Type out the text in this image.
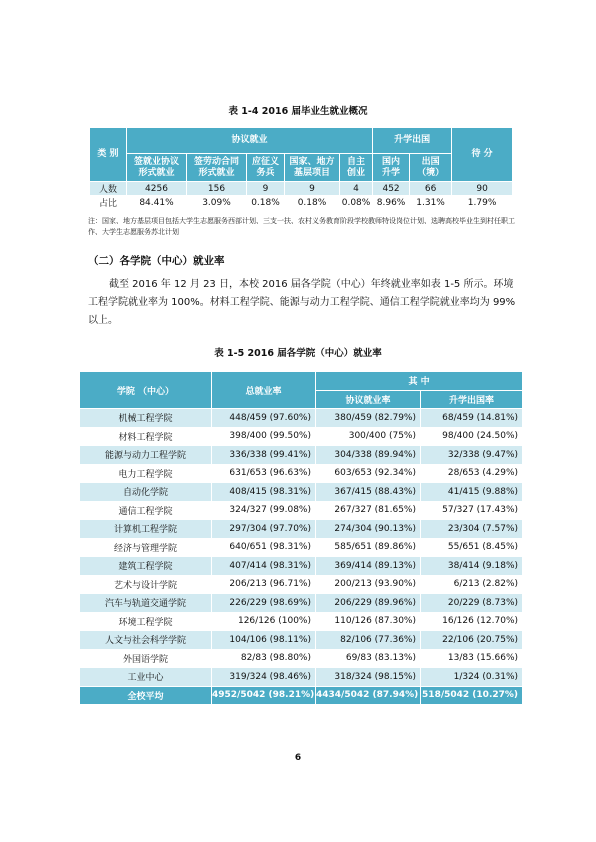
表 1-4 2016 届毕业生就业概况
类 别	协议就业					升学出国		待 分
	签就业协议形式就业	签劳动合同形式就业	应征义务兵	国家、地方基层项目	自主创业	国内升学	出国（境）	
人数	4256	156	9	9	4	452	66	90
占比	84.41%	3.09%	0.18%	0.18%	0.08%	8.96%	1.31%	1.79%
注：国家、地方基层项目包括大学生志愿服务西部计划、三支一扶、农村义务教育阶段学校教师特设岗位计划、选聘高校毕业生到村任职工作、大学生志愿服务苏北计划
（二）各学院（中心）就业率
截至 2016 年 12 月 23 日，本校 2016 届各学院（中心）年终就业率如表 1-5 所示。环境工程学院就业率为 100%。材料工程学院、能源与动力工程学院、通信工程学院就业率均为 99%以上。
表 1-5 2016 届各学院（中心）就业率
学院 （中心）	总就业率	其 中	
		协议就业率	升学出国率
机械工程学院	448/459 (97.60%)	380/459 (82.79%)	68/459 (14.81%)
材料工程学院	398/400 (99.50%)	300/400 (75%)	98/400 (24.50%)
能源与动力工程学院	336/338 (99.41%)	304/338 (89.94%)	32/338 (9.47%)
电力工程学院	631/653 (96.63%)	603/653 (92.34%)	28/653 (4.29%)
自动化学院	408/415 (98.31%)	367/415 (88.43%)	41/415 (9.88%)
通信工程学院	324/327 (99.08%)	267/327 (81.65%)	57/327 (17.43%)
计算机工程学院	297/304 (97.70%)	274/304 (90.13%)	23/304 (7.57%)
经济与管理学院	640/651 (98.31%)	585/651 (89.86%)	55/651 (8.45%)
建筑工程学院	407/414 (98.31%)	369/414 (89.13%)	38/414 (9.18%)
艺术与设计学院	206/213 (96.71%)	200/213 (93.90%)	6/213 (2.82%)
汽车与轨道交通学院	226/229 (98.69%)	206/229 (89.96%)	20/229 (8.73%)
环境工程学院	126/126 (100%)	110/126 (87.30%)	16/126 (12.70%)
人文与社会科学学院	104/106 (98.11%)	82/106 (77.36%)	22/106 (20.75%)
外国语学院	82/83 (98.80%)	69/83 (83.13%)	13/83 (15.66%)
工业中心	319/324 (98.46%)	318/324 (98.15%)	1/324 (0.31%)
全校平均	4952/5042 (98.21%)	4434/5042 (87.94%)	518/5042 (10.27%)
6
